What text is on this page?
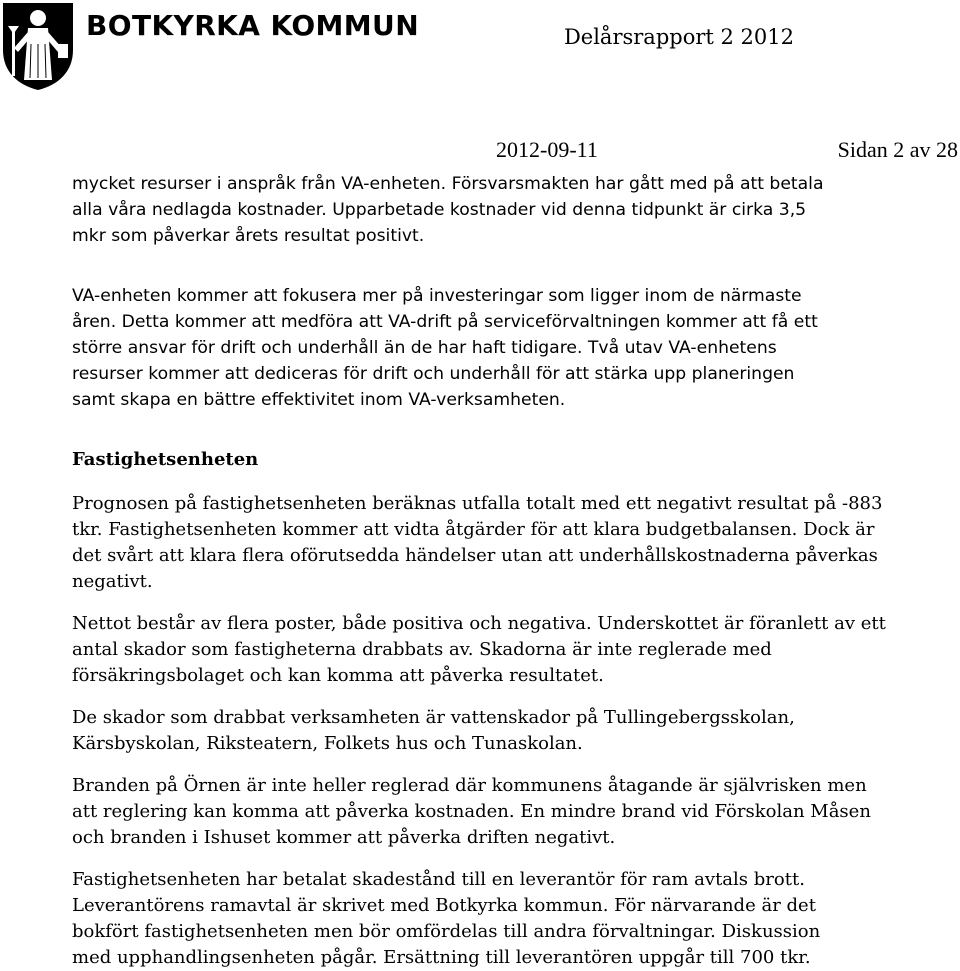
BOTKYRKA KOMMUN	Delårsrapport 2 2012
2012-09-11	Sidan 2 av 28

mycket resurser i anspråk från VA-enheten. Försvarsmakten har gått med på att betala
alla våra nedlagda kostnader. Upparbetade kostnader vid denna tidpunkt är cirka 3,5
mkr som påverkar årets resultat positivt.

VA-enheten kommer att fokusera mer på investeringar som ligger inom de närmaste
åren. Detta kommer att medföra att VA-drift på serviceförvaltningen kommer att få ett
större ansvar för drift och underhåll än de har haft tidigare. Två utav VA-enhetens
resurser kommer att dediceras för drift och underhåll för att stärka upp planeringen
samt skapa en bättre effektivitet inom VA-verksamheten.

Fastighetsenheten

Prognosen på fastighetsenheten beräknas utfalla totalt med ett negativt resultat på -883
tkr. Fastighetsenheten kommer att vidta åtgärder för att klara budgetbalansen. Dock är
det svårt att klara flera oförutsedda händelser utan att underhållskostnaderna påverkas
negativt.

Nettot består av flera poster, både positiva och negativa. Underskottet är föranlett av ett
antal skador som fastigheterna drabbats av. Skadorna är inte reglerade med
försäkringsbolaget och kan komma att påverka resultatet.

De skador som drabbat verksamheten är vattenskador på Tullingebergsskolan,
Kärsbyskolan, Riksteatern, Folkets hus och Tunaskolan.

Branden på Örnen är inte heller reglerad där kommunens åtagande är självrisken men
att reglering kan komma att påverka kostnaden. En mindre brand vid Förskolan Måsen
och branden i Ishuset kommer att påverka driften negativt.

Fastighetsenheten har betalat skadestånd till en leverantör för ram avtals brott.
Leverantörens ramavtal är skrivet med Botkyrka kommun. För närvarande är det
bokfört fastighetsenheten men bör omfördelas till andra förvaltningar. Diskussion
med upphandlingsenheten pågår. Ersättning till leverantören uppgår till 700 tkr.
